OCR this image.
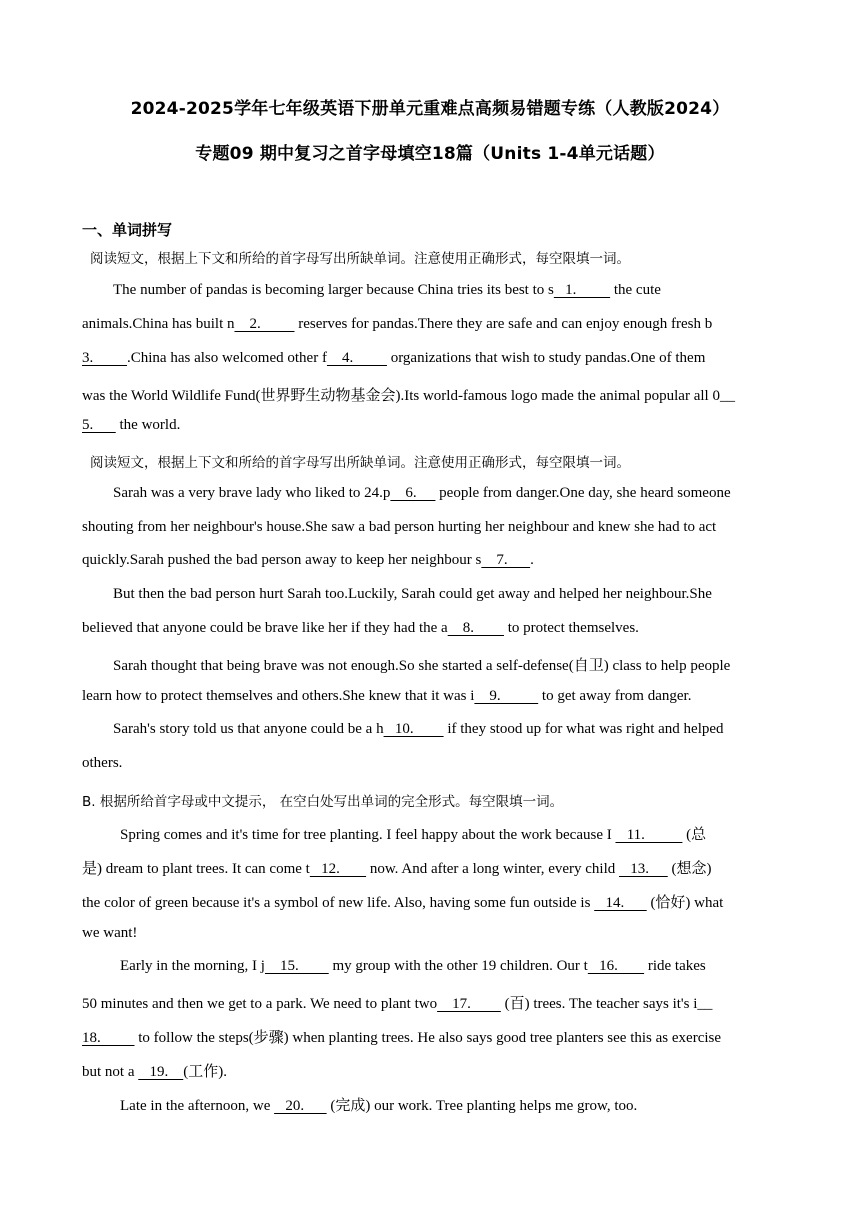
2024-2025学年七年级英语下册单元重难点高频易错题专练（人教版2024）
专题09 期中复习之首字母填空18篇（Units 1-4单元话题）
一、单词拼写
阅读短文，根据上下文和所给的首字母写出所缺单词。注意使用正确形式，每空限填一词。
The number of pandas is becoming larger because China tries its best to s   1.          the cute
animals.China has built n    2.          reserves for pandas.There they are safe and can enjoy enough fresh b
3.         .China has also welcomed other f    4.          organizations that wish to study pandas.One of them
was the World Wildlife Fund(世界野生动物基金会).Its world-famous logo made the animal popular all 0__
5.       the world.
阅读短文，根据上下文和所给的首字母写出所缺单词。注意使用正确形式，每空限填一词。
Sarah was a very brave lady who liked to 24.p    6.      people from danger.One day, she heard someone
shouting from her neighbour's house.She saw a bad person hurting her neighbour and knew she had to act
quickly.Sarah pushed the bad person away to keep her neighbour s    7.      .
But then the bad person hurt Sarah too.Luckily, Sarah could get away and helped her neighbour.She
believed that anyone could be brave like her if they had the a    8.         to protect themselves.
Sarah thought that being brave was not enough.So she started a self-defense(自卫) class to help people
learn how to protect themselves and others.She knew that it was i    9.           to get away from danger.
Sarah's story told us that anyone could be a h   10.         if they stood up for what was right and helped
others.
B. 根据所给首字母或中文提示， 在空白处写出单词的完全形式。每空限填一词。
Spring comes and it's time for tree planting. I feel happy about the work because I    11.           (总
是) dream to plant trees. It can come t   12.        now. And after a long winter, every child    13.      (想念)
the color of green because it's a symbol of new life. Also, having some fun outside is    14.       (恰好) what
we want!
Early in the morning, I j    15.         my group with the other 19 children. Our t   16.        ride takes
50 minutes and then we get to a park. We need to plant two    17.         (百) trees. The teacher says it's i__
18.          to follow the steps(步骤) when planting trees. He also says good tree planters see this as exercise
but not a    19.    (工作).
Late in the afternoon, we    20.       (完成) our work. Tree planting helps me grow, too.
